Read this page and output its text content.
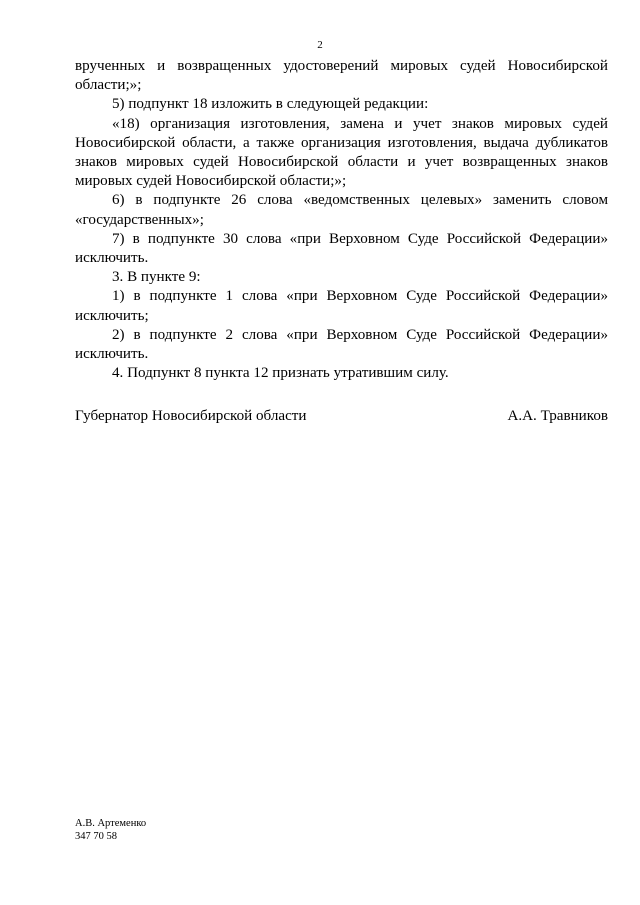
2

врученных и возвращенных удостоверений мировых судей Новосибирской области;»;

5) подпункт 18 изложить в следующей редакции:

«18) организация изготовления, замена и учет знаков мировых судей Новосибирской области, а также организация изготовления, выдача дубликатов знаков мировых судей Новосибирской области и учет возвращенных знаков мировых судей Новосибирской области;»;

6) в подпункте 26 слова «ведомственных целевых» заменить словом «государственных»;

7) в подпункте 30 слова «при Верховном Суде Российской Федерации» исключить.

3. В пункте 9:

1) в подпункте 1 слова «при Верховном Суде Российской Федерации» исключить;

2) в подпункте 2 слова «при Верховном Суде Российской Федерации» исключить.

4. Подпункт 8 пункта 12 признать утратившим силу.

Губернатор Новосибирской области	А.А. Травников
А.В. Артеменко
347 70 58
